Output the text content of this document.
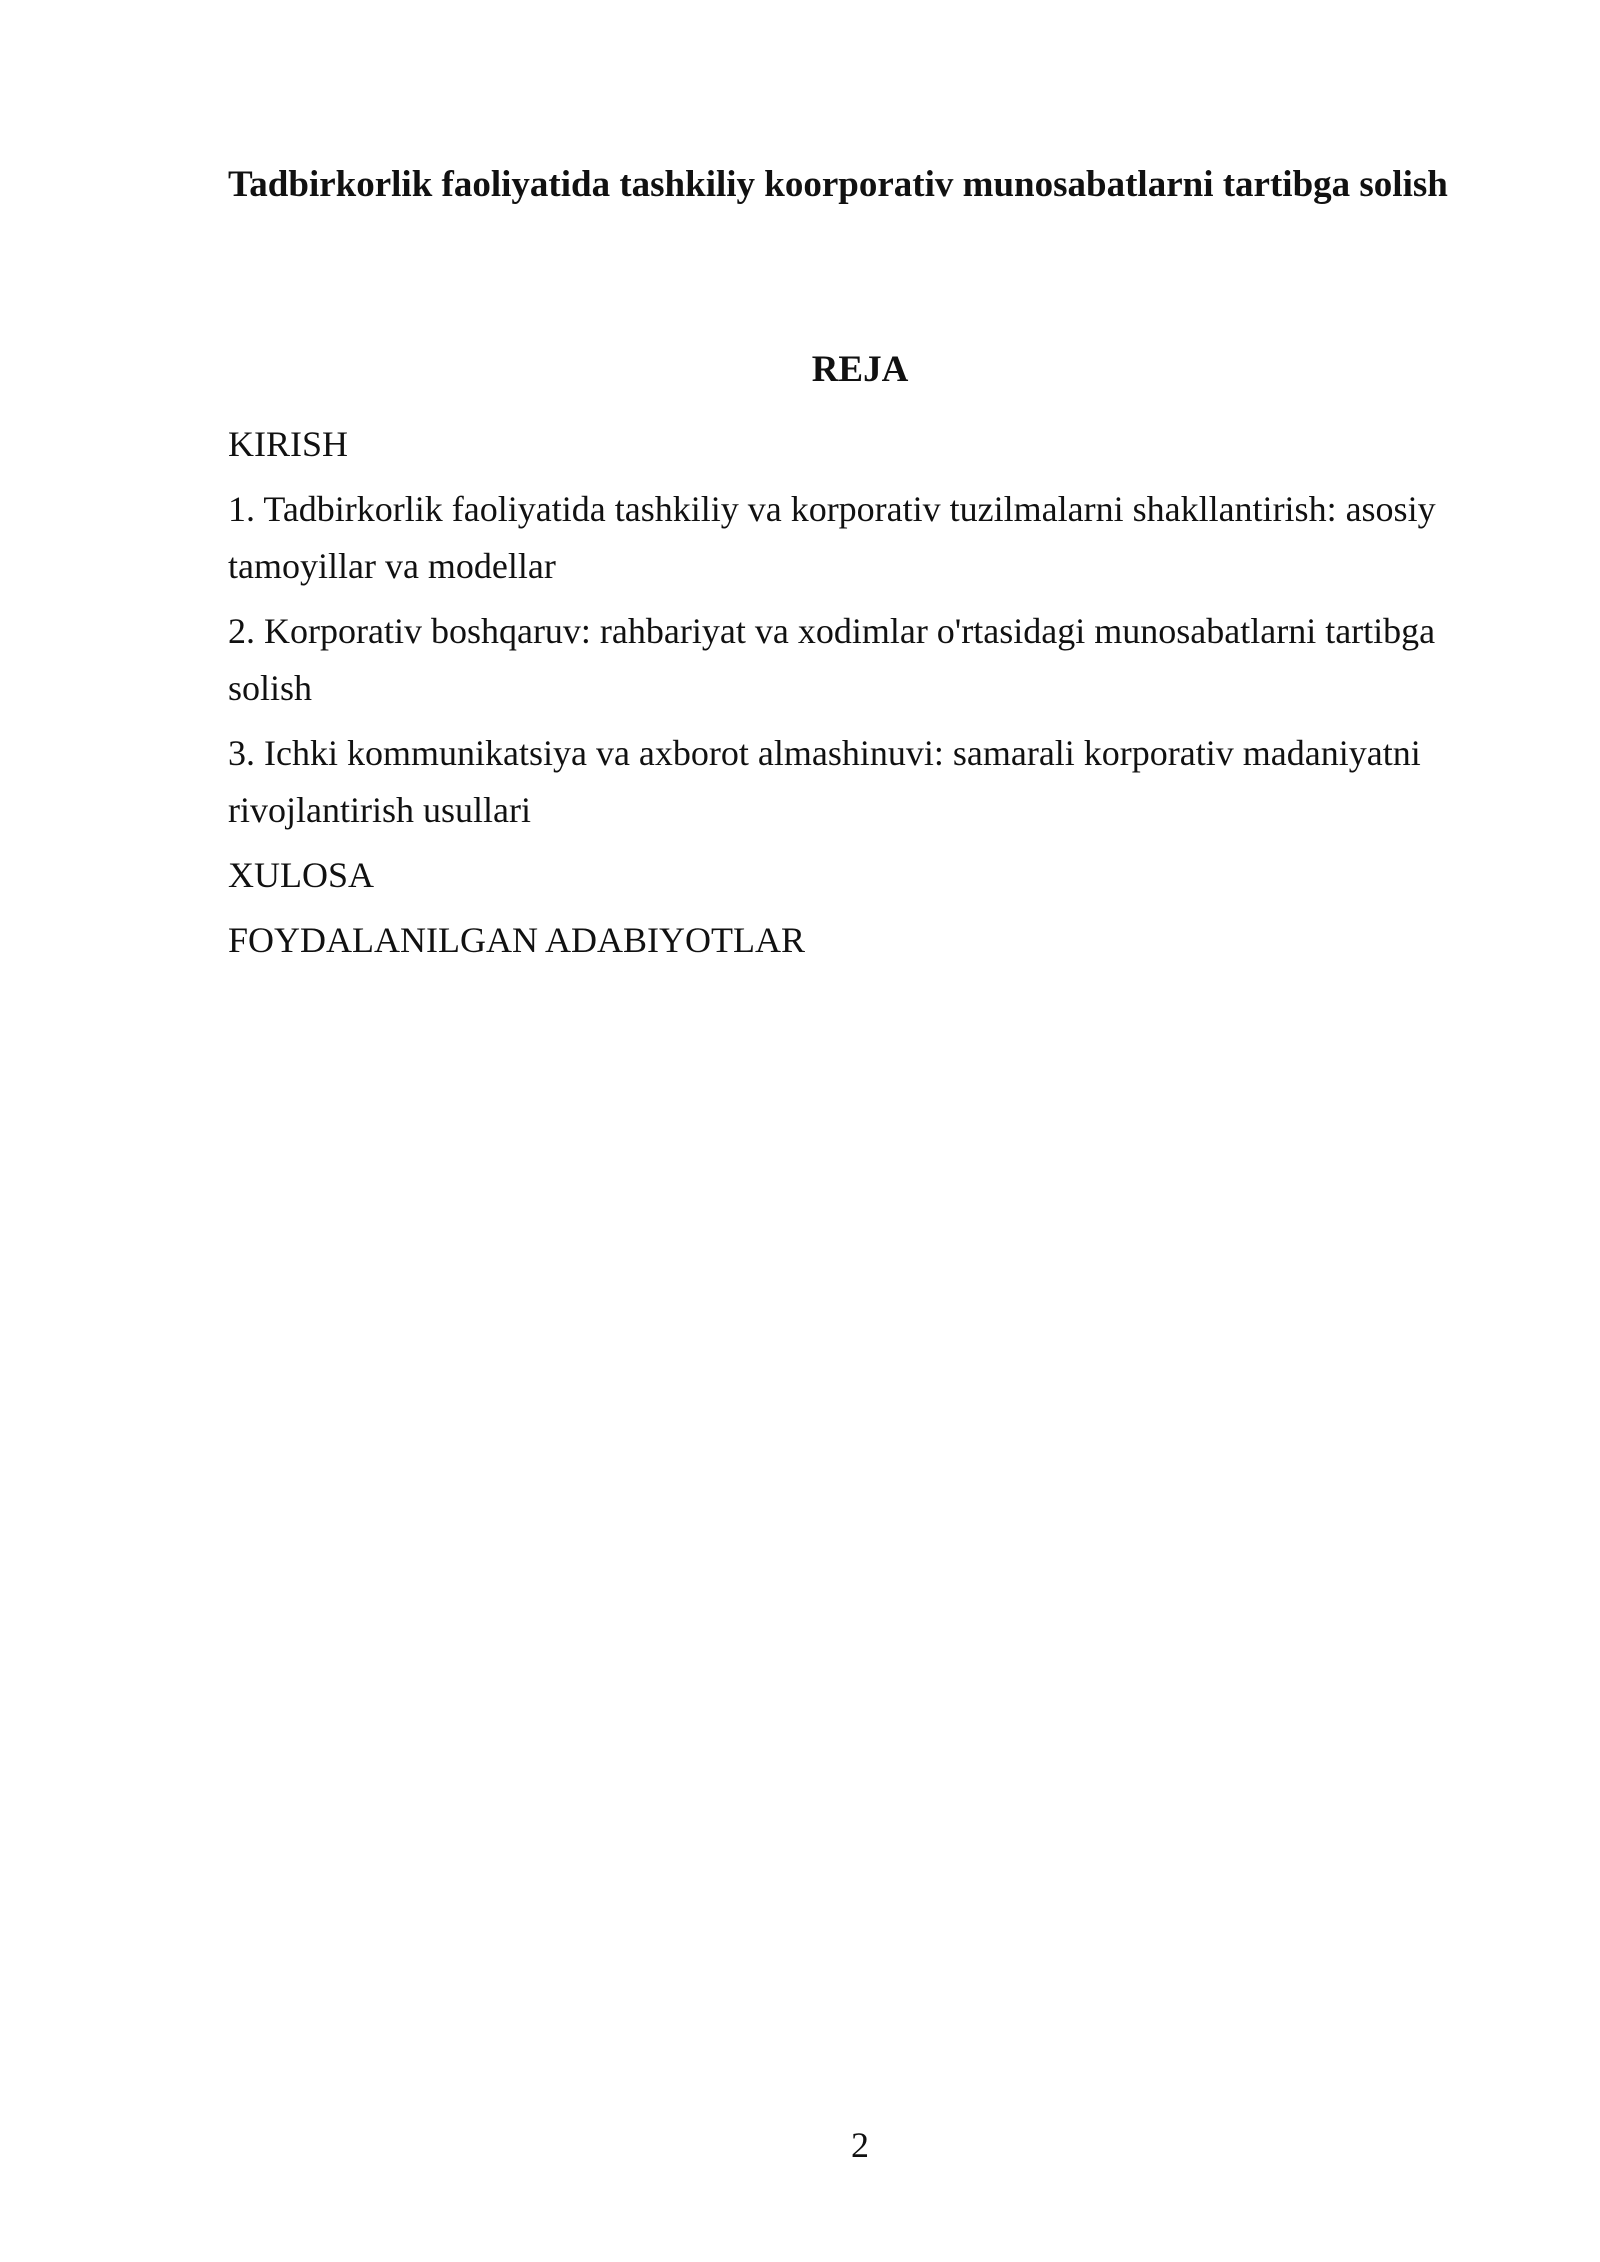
Tadbirkorlik faoliyatida tashkiliy koorporativ munosabatlarni tartibga solish
REJA
KIRISH
1. Tadbirkorlik faoliyatida tashkiliy va korporativ tuzilmalarni shakllantirish: asosiy tamoyillar va modellar
2. Korporativ boshqaruv: rahbariyat va xodimlar o'rtasidagi munosabatlarni tartibga solish
3. Ichki kommunikatsiya va axborot almashinuvi: samarali korporativ madaniyatni rivojlantirish usullari
XULOSA
FOYDALANILGAN ADABIYOTLAR
2
